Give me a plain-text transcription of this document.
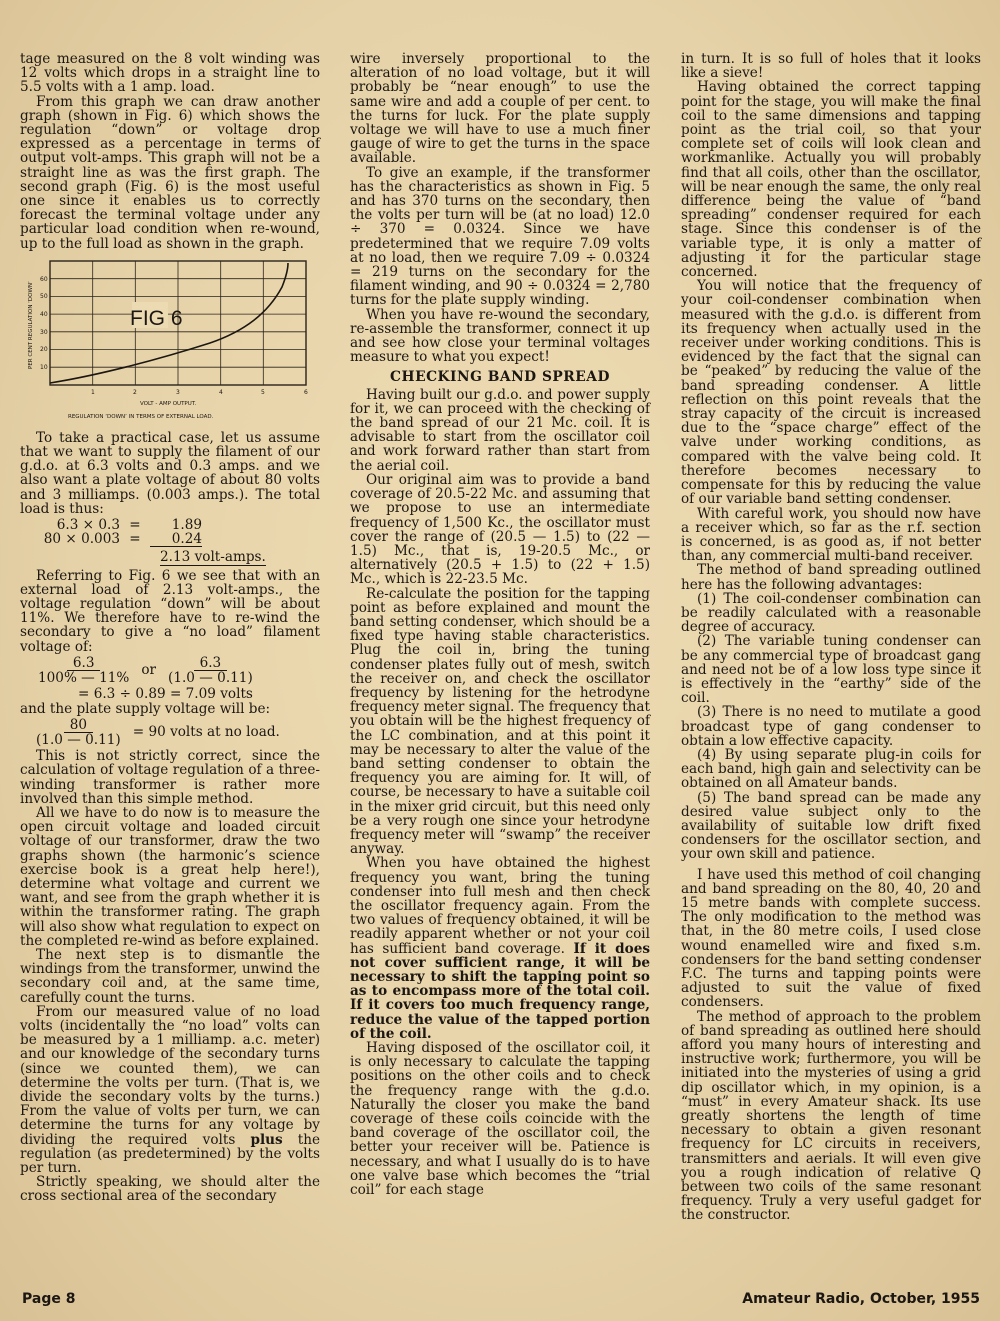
tage measured on the 8 volt winding was 12 volts which drops in a straight line to 5.5 volts with a 1 amp. load.

From this graph we can draw another graph (shown in Fig. 6) which shows the regulation “down” or voltage drop expressed as a percentage in terms of output volt-amps. This graph will not be a straight line as was the first graph. The second graph (Fig. 6) is the most useful one since it enables us to correctly forecast the terminal voltage under any particular load condition when re-wound, up to the full load as shown in the graph.

FIG 6
10
20
30
40
50
60
1	2	3	4	5	6
VOLT - AMP OUTPUT.
REGULATION ‘DOWN’ IN TERMS OF EXTERNAL LOAD.
PER CENT REGULATION ‘DOWN’

To take a practical case, let us assume that we want to supply the filament of our g.d.o. at 6.3 volts and 0.3 amps. and we also want a plate voltage of about 80 volts and 3 milliamps. (0.003 amps.). The total load is thus:

6.3 × 0.3 =	1.89
80 × 0.003 =	0.24
2.13 volt-amps.

Referring to Fig. 6 we see that with an external load of 2.13 volt-amps., the voltage regulation “down” will be about 11%. We therefore have to re-wind the secondary to give a “no load” filament voltage of:

$\frac{6.3}{100\% — 11\%}$ or $\frac{6.3}{(1.0 — 0.11)}$
= 6.3 ÷ 0.89 = 7.09 volts

and the plate supply voltage will be:

$\frac{80}{(1.0 — 0.11)} = 90$ volts at no load.

This is not strictly correct, since the calculation of voltage regulation of a three-winding transformer is rather more involved than this simple method.

All we have to do now is to measure the open circuit voltage and loaded circuit voltage of our transformer, draw the two graphs shown (the harmonic’s science exercise book is a great help here!), determine what voltage and current we want, and see from the graph whether it is within the transformer rating. The graph will also show what regulation to expect on the completed re-wind as before explained.

The next step is to dismantle the windings from the transformer, unwind the secondary coil and, at the same time, carefully count the turns.

From our measured value of no load volts (incidentally the “no load” volts can be measured by a 1 milliamp. a.c. meter) and our knowledge of the secondary turns (since we counted them), we can determine the volts per turn. (That is, we divide the secondary volts by the turns.) From the value of volts per turn, we can determine the turns for any voltage by dividing the required volts plus the regulation (as predetermined) by the volts per turn.

Strictly speaking, we should alter the cross sectional area of the secondary

wire inversely proportional to the alteration of no load voltage, but it will probably be “near enough” to use the same wire and add a couple of per cent. to the turns for luck. For the plate supply voltage we will have to use a much finer gauge of wire to get the turns in the space available.

To give an example, if the transformer has the characteristics as shown in Fig. 5 and has 370 turns on the secondary, then the volts per turn will be (at no load) 12.0 ÷ 370 = 0.0324. Since we have predetermined that we require 7.09 volts at no load, then we require 7.09 ÷ 0.0324 = 219 turns on the secondary for the filament winding, and 90 ÷ 0.0324 = 2,780 turns for the plate supply winding.

When you have re-wound the secondary, re-assemble the transformer, connect it up and see how close your terminal voltages measure to what you expect!

CHECKING BAND SPREAD

Having built our g.d.o. and power supply for it, we can proceed with the checking of the band spread of our 21 Mc. coil. It is advisable to start from the oscillator coil and work forward rather than start from the aerial coil.

Our original aim was to provide a band coverage of 20.5-22 Mc. and assuming that we propose to use an intermediate frequency of 1,500 Kc., the oscillator must cover the range of (20.5 — 1.5) to (22 — 1.5) Mc., that is, 19-20.5 Mc., or alternatively (20.5 + 1.5) to (22 + 1.5) Mc., which is 22-23.5 Mc.

Re-calculate the position for the tapping point as before explained and mount the band setting condenser, which should be a fixed type having stable characteristics. Plug the coil in, bring the tuning condenser plates fully out of mesh, switch the receiver on, and check the oscillator frequency by listening for the hetrodyne frequency meter signal. The frequency that you obtain will be the highest frequency of the LC combination, and at this point it may be necessary to alter the value of the band setting condenser to obtain the frequency you are aiming for. It will, of course, be necessary to have a suitable coil in the mixer grid circuit, but this need only be a very rough one since your hetrodyne frequency meter will “swamp” the receiver anyway.

When you have obtained the highest frequency you want, bring the tuning condenser into full mesh and then check the oscillator frequency again. From the two values of frequency obtained, it will be readily apparent whether or not your coil has sufficient band coverage. If it does not cover sufficient range, it will be necessary to shift the tapping point so as to encompass more of the total coil. If it covers too much frequency range, reduce the value of the tapped portion of the coil.

Having disposed of the oscillator coil, it is only necessary to calculate the tapping positions on the other coils and to check the frequency range with the g.d.o. Naturally the closer you make the band coverage of these coils coincide with the band coverage of the oscillator coil, the better your receiver will be. Patience is necessary, and what I usually do is to have one valve base which becomes the “trial coil” for each stage

in turn. It is so full of holes that it looks like a sieve!

Having obtained the correct tapping point for the stage, you will make the final coil to the same dimensions and tapping point as the trial coil, so that your complete set of coils will look clean and workmanlike. Actually you will probably find that all coils, other than the oscillator, will be near enough the same, the only real difference being the value of “band spreading” condenser required for each stage. Since this condenser is of the variable type, it is only a matter of adjusting it for the particular stage concerned.

You will notice that the frequency of your coil-condenser combination when measured with the g.d.o. is different from its frequency when actually used in the receiver under working conditions. This is evidenced by the fact that the signal can be “peaked” by reducing the value of the band spreading condenser. A little reflection on this point reveals that the stray capacity of the circuit is increased due to the “space charge” effect of the valve under working conditions, as compared with the valve being cold. It therefore becomes necessary to compensate for this by reducing the value of our variable band setting condenser.

With careful work, you should now have a receiver which, so far as the r.f. section is concerned, is as good as, if not better than, any commercial multi-band receiver.

The method of band spreading outlined here has the following advantages:

(1) The coil-condenser combination can be readily calculated with a reasonable degree of accuracy.

(2) The variable tuning condenser can be any commercial type of broadcast gang and need not be of a low loss type since it is effectively in the “earthy” side of the coil.

(3) There is no need to mutilate a good broadcast type of gang condenser to obtain a low effective capacity.

(4) By using separate plug-in coils for each band, high gain and selectivity can be obtained on all Amateur bands.

(5) The band spread can be made any desired value subject only to the availability of suitable low drift fixed condensers for the oscillator section, and your own skill and patience.

I have used this method of coil changing and band spreading on the 80, 40, 20 and 15 metre bands with complete success. The only modification to the method was that, in the 80 metre coils, I used close wound enamelled wire and fixed s.m. condensers for the band setting condenser F.C. The turns and tapping points were adjusted to suit the value of fixed condensers.

The method of approach to the problem of band spreading as outlined here should afford you many hours of interesting and instructive work; furthermore, you will be initiated into the mysteries of using a grid dip oscillator which, in my opinion, is a “must” in every Amateur shack. Its use greatly shortens the length of time necessary to obtain a given resonant frequency for LC circuits in receivers, transmitters and aerials. It will even give you a rough indication of relative Q between two coils of the same resonant frequency. Truly a very useful gadget for the constructor.

Page 8	Amateur Radio, October, 1955
